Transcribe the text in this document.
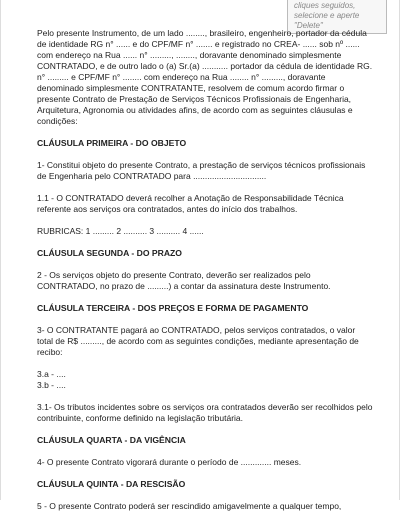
cliques seguidos, selecione e aperte "Delete"

Pelo presente Instrumento, de um lado ........, brasileiro, engenheiro, portador da cédula de identidade RG n° ...... e do CPF/MF n° ....... e registrado no CREA- ...... sob nº ...... com endereço na Rua ...... n° ........., ........, doravante denominado simplesmente CONTRATADO, e de outro lado o (a) Sr.(a) ........... portador da cédula de identidade RG. n° ......... e CPF/MF n° ........ com endereço na Rua ........ n° ........., doravante denominado simplesmente CONTRATANTE, resolvem de comum acordo firmar o presente Contrato de Prestação de Serviços Técnicos Profissionais de Engenharia, Arquitetura, Agronomia ou atividades afins, de acordo com as seguintes cláusulas e condições:

CLÁUSULA PRIMEIRA - DO OBJETO

1- Constitui objeto do presente Contrato, a prestação de serviços técnicos profissionais de Engenharia pelo CONTRATADO para ...............................

1.1 - O CONTRATADO deverá recolher a Anotação de Responsabilidade Técnica referente aos serviços ora contratados, antes do início dos trabalhos.

RUBRICAS: 1 ......... 2 .......... 3 .......... 4 ......

CLÁUSULA SEGUNDA - DO PRAZO

2 - Os serviços objeto do presente Contrato, deverão ser realizados pelo CONTRATADO, no prazo de .........) a contar da assinatura deste Instrumento.

CLÁUSULA TERCEIRA - DOS PREÇOS E FORMA DE PAGAMENTO

3- O CONTRATANTE pagará ao CONTRATADO, pelos serviços contratados, o valor total de R$ ........., de acordo com as seguintes condições, mediante apresentação de recibo:

3.a - ....

3.b - ....

3.1- Os tributos incidentes sobre os serviços ora contratados deverão ser recolhidos pelo contribuinte, conforme definido na legislação tributária.

CLÁUSULA QUARTA - DA VIGÊNCIA

4- O presente Contrato vigorará durante o período de ............. meses.

CLÁUSULA QUINTA - DA RESCISÃO

5 - O presente Contrato poderá ser rescindido amigavelmente a qualquer tempo,
